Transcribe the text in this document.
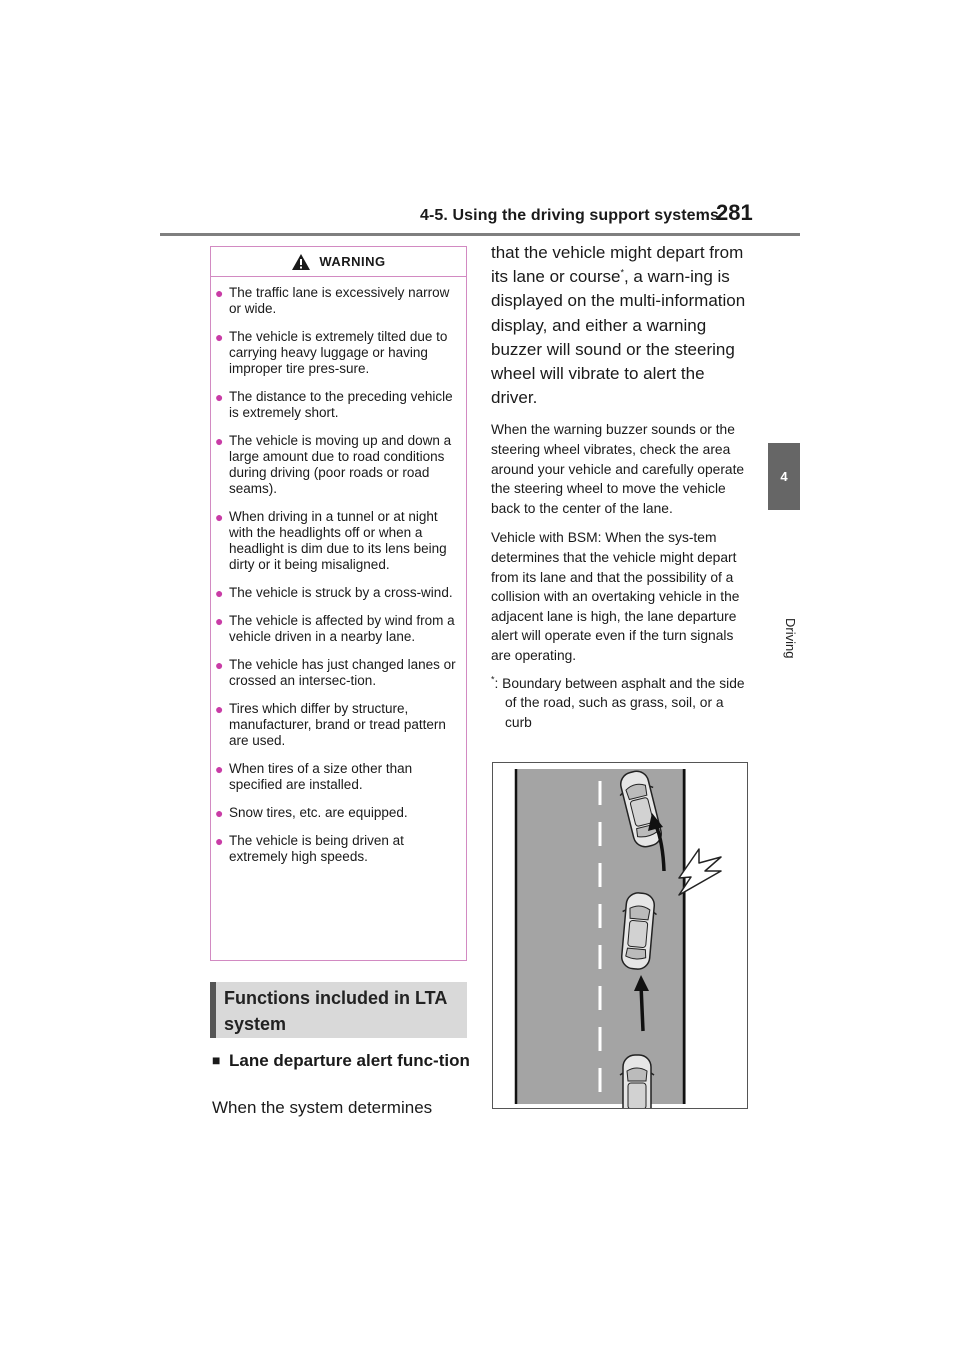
4-5. Using the driving support systems
281
4
Driving
WARNING
● The traffic lane is excessively narrow or wide.
● The vehicle is extremely tilted due to carrying heavy luggage or having improper tire pres-sure.
● The distance to the preceding vehicle is extremely short.
● The vehicle is moving up and down a large amount due to road conditions during driving (poor roads or road seams).
● When driving in a tunnel or at night with the headlights off or when a headlight is dim due to its lens being dirty or it being misaligned.
● The vehicle is struck by a cross-wind.
● The vehicle is affected by wind from a vehicle driven in a nearby lane.
● The vehicle has just changed lanes or crossed an intersec-tion.
● Tires which differ by structure, manufacturer, brand or tread pattern are used.
● When tires of a size other than specified are installed.
● Snow tires, etc. are equipped.
● The vehicle is being driven at extremely high speeds.
Functions included in LTA system
■ Lane departure alert func-tion
When the system determines

that the vehicle might depart from its lane or course*, a warn-ing is displayed on the multi-information display, and either a warning buzzer will sound or the steering wheel will vibrate to alert the driver.

When the warning buzzer sounds or the steering wheel vibrates, check the area around your vehicle and carefully operate the steering wheel to move the vehicle back to the center of the lane.

Vehicle with BSM: When the sys-tem determines that the vehicle might depart from its lane and that the possibility of a collision with an overtaking vehicle in the adjacent lane is high, the lane departure alert will operate even if the turn signals are operating.

*: Boundary between asphalt and the side of the road, such as grass, soil, or a curb
